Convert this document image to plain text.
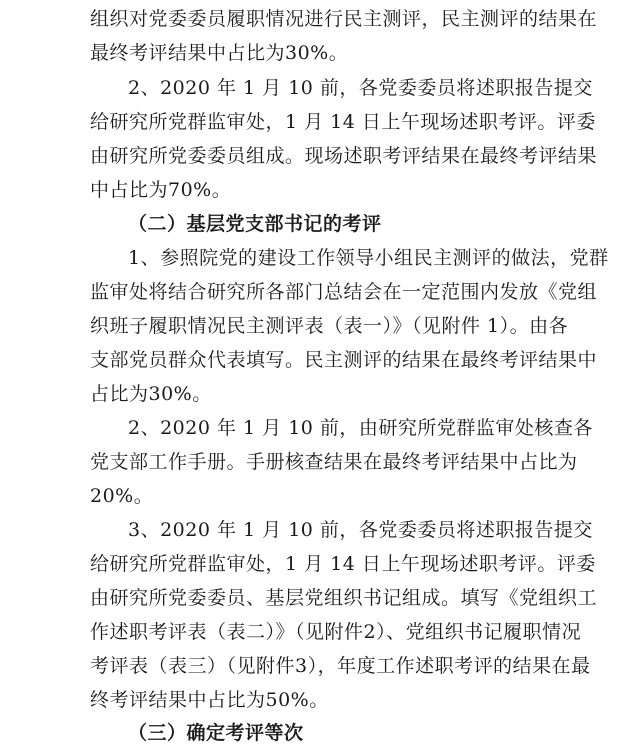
组织对党委委员履职情况进行民主测评，民主测评的结果在
最终考评结果中占比为30%。
2、2020 年 1 月 10 前，各党委委员将述职报告提交
给研究所党群监审处，1 月 14 日上午现场述职考评。评委
由研究所党委委员组成。现场述职考评结果在最终考评结果
中占比为70%。
（二）基层党支部书记的考评
1、参照院党的建设工作领导小组民主测评的做法，党群
监审处将结合研究所各部门总结会在一定范围内发放《党组
织班子履职情况民主测评表（表一）》（见附件 1）。由各
支部党员群众代表填写。民主测评的结果在最终考评结果中
占比为30%。
2、2020 年 1 月 10 前，由研究所党群监审处核查各
党支部工作手册。手册核查结果在最终考评结果中占比为
20%。
3、2020 年 1 月 10 前，各党委委员将述职报告提交
给研究所党群监审处，1 月 14 日上午现场述职考评。评委
由研究所党委委员、基层党组织书记组成。填写《党组织工
作述职考评表（表二）》（见附件2）、党组织书记履职情况
考评表（表三）（见附件3），年度工作述职考评的结果在最
终考评结果中占比为50%。
（三）确定考评等次
